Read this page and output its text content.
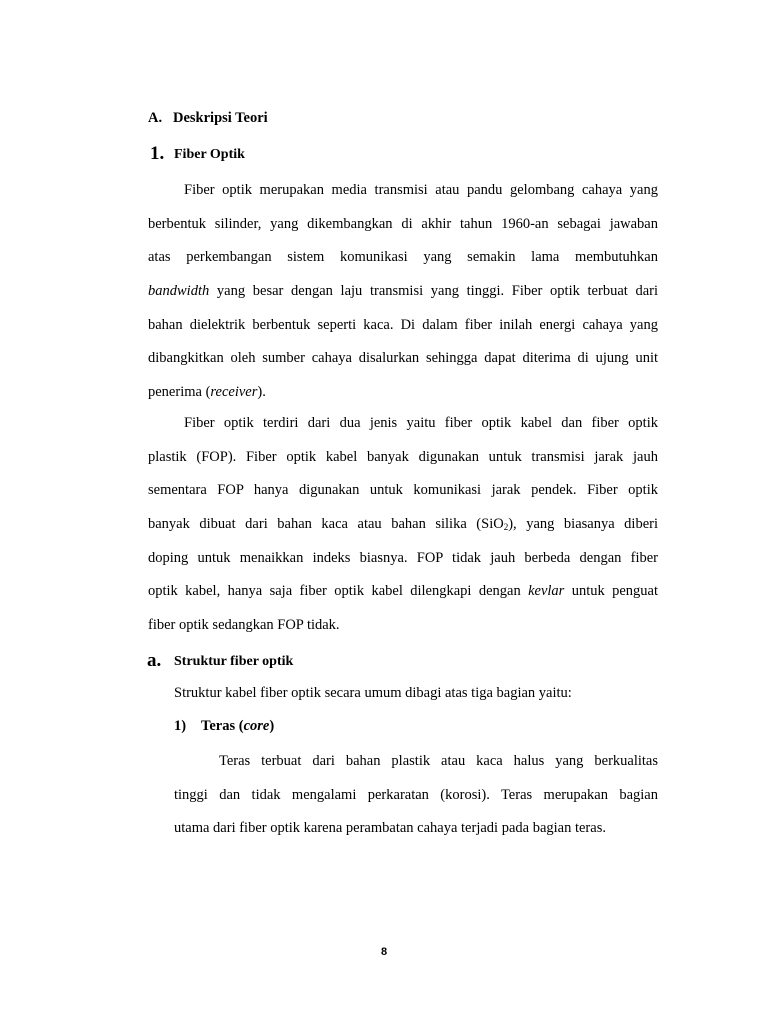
A. Deskripsi Teori
1. Fiber Optik
Fiber optik merupakan media transmisi atau pandu gelombang cahaya yang
berbentuk silinder, yang dikembangkan di akhir tahun 1960-an sebagai jawaban
atas perkembangan sistem komunikasi yang semakin lama membutuhkan
bandwidth yang besar dengan laju transmisi yang tinggi. Fiber optik terbuat dari
bahan dielektrik berbentuk seperti kaca. Di dalam fiber inilah energi cahaya yang
dibangkitkan oleh sumber cahaya disalurkan sehingga dapat diterima di ujung unit
penerima (receiver).
Fiber optik terdiri dari dua jenis yaitu fiber optik kabel dan fiber optik
plastik (FOP). Fiber optik kabel banyak digunakan untuk transmisi jarak jauh
sementara FOP hanya digunakan untuk komunikasi jarak pendek. Fiber optik
banyak dibuat dari bahan kaca atau bahan silika (SiO$_2$), yang biasanya diberi
doping untuk menaikkan indeks biasnya. FOP tidak jauh berbeda dengan fiber
optik kabel, hanya saja fiber optik kabel dilengkapi dengan kevlar untuk penguat
fiber optik sedangkan FOP tidak.
a. Struktur fiber optik
Struktur kabel fiber optik secara umum dibagi atas tiga bagian yaitu:
1) Teras (core)
Teras terbuat dari bahan plastik atau kaca halus yang berkualitas
tinggi dan tidak mengalami perkaratan (korosi). Teras merupakan bagian
utama dari fiber optik karena perambatan cahaya terjadi pada bagian teras.
8
